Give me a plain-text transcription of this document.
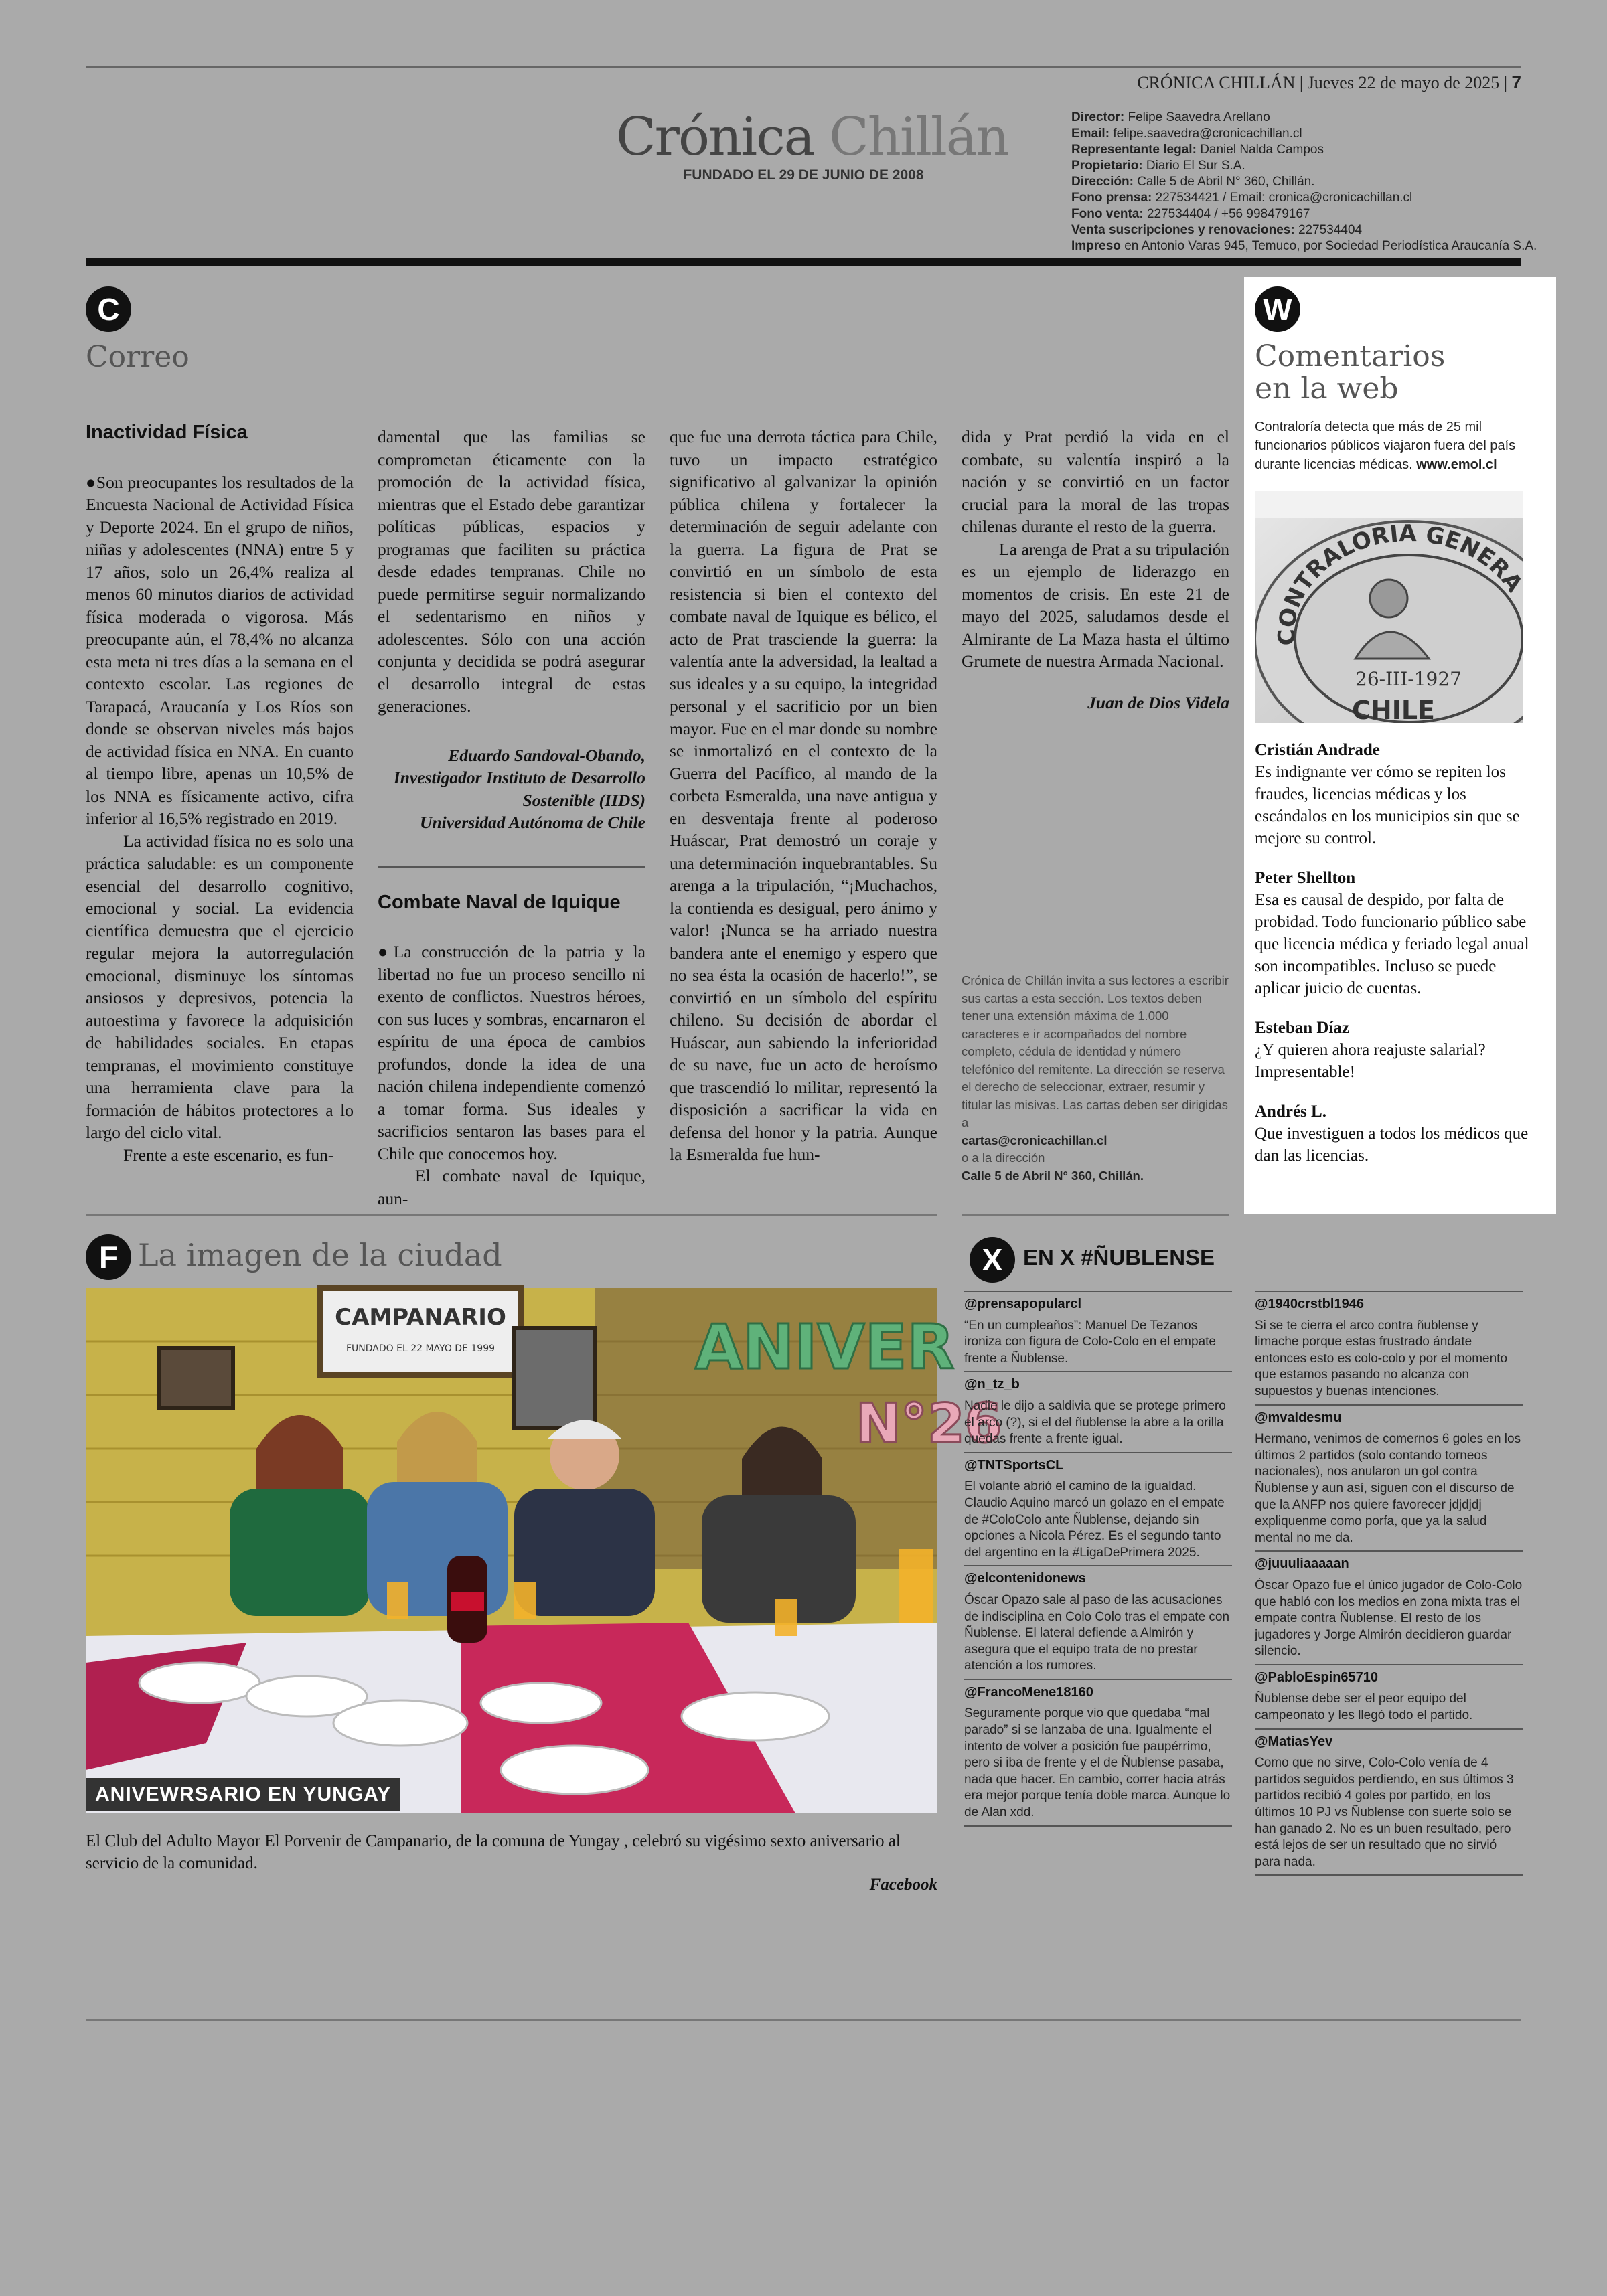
CRÓNICA CHILLÁN | Jueves 22 de mayo de 2025 | 7
Crónica Chillán
FUNDADO EL 29 DE JUNIO DE 2008
Director: Felipe Saavedra Arellano
Email: felipe.saavedra@cronicachillan.cl
Representante legal: Daniel Nalda Campos
Propietario: Diario El Sur S.A.
Dirección: Calle 5 de Abril N° 360, Chillán.
Fono prensa: 227534421 / Email: cronica@cronicachillan.cl
Fono venta: 227534404 / +56 998479167
Venta suscripciones y renovaciones: 227534404
Impreso en Antonio Varas 945, Temuco, por Sociedad Periodística Araucanía S.A.
C
Correo
Inactividad Física

●Son preocupantes los resultados de la Encuesta Nacional de Actividad Física y Deporte 2024. En el grupo de niños, niñas y adolescentes (NNA) entre 5 y 17 años, solo un 26,4% realiza al menos 60 minutos diarios de actividad física moderada o vigorosa. Más preocupante aún, el 78,4% no alcanza esta meta ni tres días a la semana en el contexto escolar. Las regiones de Tarapacá, Araucanía y Los Ríos son donde se observan niveles más bajos de actividad física en NNA. En cuanto al tiempo libre, apenas un 10,5% de los NNA es físicamente activo, cifra inferior al 16,5% registrado en 2019.

La actividad física no es solo una práctica saludable: es un componente esencial del desarrollo cognitivo, emocional y social. La evidencia científica demuestra que el ejercicio regular mejora la autorregulación emocional, disminuye los síntomas ansiosos y depresivos, potencia la autoestima y favorece la adquisición de habilidades sociales. En etapas tempranas, el movimiento constituye una herramienta clave para la formación de hábitos protectores a lo largo del ciclo vital.

Frente a este escenario, es fun-

damental que las familias se comprometan éticamente con la promoción de la actividad física, mientras que el Estado debe garantizar políticas públicas, espacios y programas que faciliten su práctica desde edades tempranas. Chile no puede permitirse seguir normalizando el sedentarismo en niños y adolescentes. Sólo con una acción conjunta y decidida se podrá asegurar el desarrollo integral de estas generaciones.

Eduardo Sandoval-Obando,

Investigador Instituto de Desarrollo Sostenible (IIDS)

Universidad Autónoma de Chile

Combate Naval de Iquique

●La construcción de la patria y la libertad no fue un proceso sencillo ni exento de conflictos. Nuestros héroes, con sus luces y sombras, encarnaron el espíritu de una época de cambios profundos, donde la idea de una nación chilena independiente comenzó a tomar forma. Sus ideales y sacrificios sentaron las bases para el Chile que conocemos hoy.

El combate naval de Iquique, aun-

que fue una derrota táctica para Chile, tuvo un impacto estratégico significativo al galvanizar la opinión pública chilena y fortalecer la determinación de seguir adelante con la guerra. La figura de Prat se convirtió en un símbolo de esta resistencia si bien el contexto del combate naval de Iquique es bélico, el acto de Prat trasciende la guerra: la valentía ante la adversidad, la lealtad a sus ideales y a su equipo, la integridad personal y el sacrificio por un bien mayor. Fue en el mar donde su nombre se inmortalizó en el contexto de la Guerra del Pacífico, al mando de la corbeta Esmeralda, una nave antigua y en desventaja frente al poderoso Huáscar, Prat demostró un coraje y una determinación inquebrantables. Su arenga a la tripulación, “¡Muchachos, la contienda es desigual, pero ánimo y valor! ¡Nunca se ha arriado nuestra bandera ante el enemigo y espero que no sea ésta la ocasión de hacerlo!”, se convirtió en un símbolo del espíritu chileno. Su decisión de abordar el Huáscar, aun sabiendo la inferioridad de su nave, fue un acto de heroísmo que trascendió lo militar, representó la disposición a sacrificar la vida en defensa del honor y la patria. Aunque la Esmeralda fue hun-

dida y Prat perdió la vida en el combate, su valentía inspiró a la nación y se convirtió en un factor crucial para la moral de las tropas chilenas durante el resto de la guerra.

La arenga de Prat a su tripulación es un ejemplo de liderazgo en momentos de crisis. En este 21 de mayo del 2025, saludamos desde el Almirante de La Maza hasta el último Grumete de nuestra Armada Nacional.

Juan de Dios Videla

Crónica de Chillán invita a sus lectores a escribir sus cartas a esta sección. Los textos deben tener una extensión máxima de 1.000 caracteres e ir acompañados del nombre completo, cédula de identidad y número telefónico del remitente. La dirección se reserva el derecho de seleccionar, extraer, resumir y titular las misivas. Las cartas deben ser dirigidas a
cartas@cronicachillan.cl
o a la dirección
Calle 5 de Abril N° 360, Chillán.
W
Comentarios
en la web
Contraloría detecta que más de 25 mil funcionarios públicos viajaron fuera del país durante licencias médicas. www.emol.cl
CONTRALORIA GENER
26-III-1927
CHILE
Cristián Andrade
Es indignante ver cómo se repiten los fraudes, licencias médicas y los escándalos en los municipios sin que se mejore su control.
Peter Shellton
Esa es causal de despido, por falta de probidad. Todo funcionario público sabe que licencia médica y feriado legal anual son incompatibles. Incluso se puede aplicar juicio de cuentas.
Esteban Díaz
¿Y quieren ahora reajuste salarial? Impresentable!
Andrés L.
Que investiguen a todos los médicos que dan las licencias.
F La imagen de la ciudad
CAMPANARIO
FUNDADO EL 22 MAYO DE 1999	ANIVER
N°26
ANIVEWRSARIO EN YUNGAY
El Club del Adulto Mayor El Porvenir de Campanario, de la comuna de Yungay , celebró su vigésimo sexto aniversario al servicio de la comunidad.
Facebook
X EN X #ÑUBLENSE
@prensapopularcl
“En un cumpleaños”: Manuel De Tezanos ironiza con figura de Colo-Colo en el empate frente a Ñublense.
@n_tz_b
Nadie le dijo a saldivia que se protege primero el arco (?), si el del ñublense la abre a la orilla quedas frente a frente igual.
@TNTSportsCL
El volante abrió el camino de la igualdad. Claudio Aquino marcó un golazo en el empate de #ColoColo ante Ñublense, dejando sin opciones a Nicola Pérez. Es el segundo tanto del argentino en la #LigaDePrimera 2025.
@elcontenidonews
Óscar Opazo sale al paso de las acusaciones de indisciplina en Colo Colo tras el empate con Ñublense. El lateral defiende a Almirón y asegura que el equipo trata de no prestar atención a los rumores.
@FrancoMene18160
Seguramente porque vio que quedaba “mal parado” si se lanzaba de una. Igualmente el intento de volver a posición fue paupérrimo, pero si iba de frente y el de Ñublense pasaba, nada que hacer. En cambio, correr hacia atrás era mejor porque tenía doble marca. Aunque lo de Alan xdd.
@1940crstbl1946
Si se te cierra el arco contra ñublense y limache porque estas frustrado ándate entonces esto es colo-colo y por el momento que estamos pasando no alcanza con supuestos y buenas intenciones.
@mvaldesmu
Hermano, venimos de comernos 6 goles en los últimos 2 partidos (solo contando torneos nacionales), nos anularon un gol contra Ñublense y aun así, siguen con el discurso de que la ANFP nos quiere favorecer jdjdjdj expliquenme como porfa, que ya la salud mental no me da.
@juuuliaaaaan
Óscar Opazo fue el único jugador de Colo-Colo que habló con los medios en zona mixta tras el empate contra Ñublense. El resto de los jugadores y Jorge Almirón decidieron guardar silencio.
@PabloEspin65710
Ñublense debe ser el peor equipo del campeonato y les llegó todo el partido.
@MatiasYev
Como que no sirve, Colo-Colo venía de 4 partidos seguidos perdiendo, en sus últimos 3 partidos recibió 4 goles por partido, en los últimos 10 PJ vs Ñublense con suerte solo se han ganado 2. No es un buen resultado, pero está lejos de ser un resultado que no sirvió para nada.
